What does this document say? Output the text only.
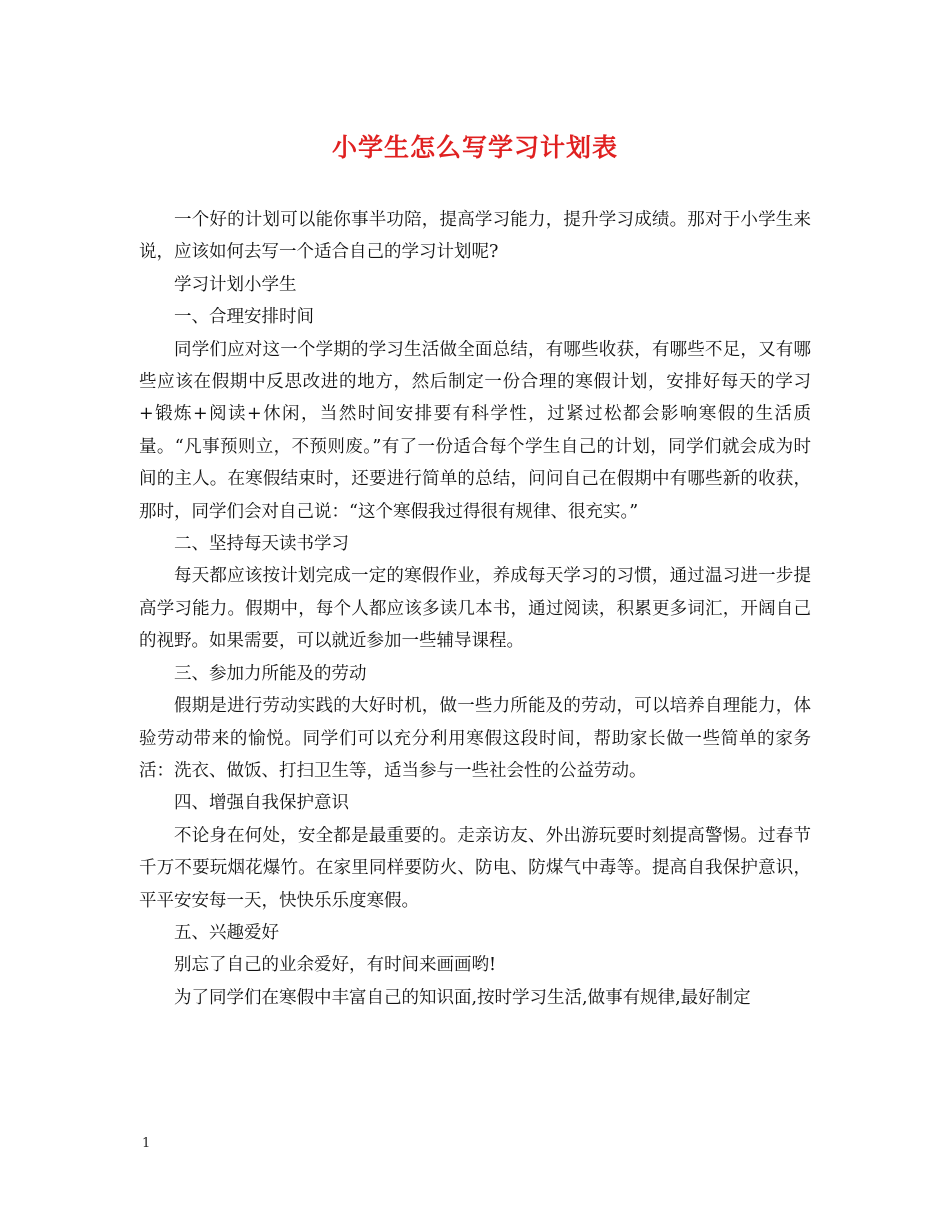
小学生怎么写学习计划表

一个好的计划可以能你事半功陪，提高学习能力，提升学习成绩。那对于小学生来说，应该如何去写一个适合自己的学习计划呢?

学习计划小学生

一、合理安排时间

同学们应对这一个学期的学习生活做全面总结，有哪些收获，有哪些不足，又有哪些应该在假期中反思改进的地方，然后制定一份合理的寒假计划，安排好每天的学习+锻炼+阅读+休闲，当然时间安排要有科学性，过紧过松都会影响寒假的生活质量。“凡事预则立，不预则废。”有了一份适合每个学生自己的计划，同学们就会成为时间的主人。在寒假结束时，还要进行简单的总结，问问自己在假期中有哪些新的收获，那时，同学们会对自己说：“这个寒假我过得很有规律、很充实。”

二、坚持每天读书学习

每天都应该按计划完成一定的寒假作业，养成每天学习的习惯，通过温习进一步提高学习能力。假期中，每个人都应该多读几本书，通过阅读，积累更多词汇，开阔自己的视野。如果需要，可以就近参加一些辅导课程。

三、参加力所能及的劳动

假期是进行劳动实践的大好时机，做一些力所能及的劳动，可以培养自理能力，体验劳动带来的愉悦。同学们可以充分利用寒假这段时间，帮助家长做一些简单的家务活：洗衣、做饭、打扫卫生等，适当参与一些社会性的公益劳动。

四、增强自我保护意识

不论身在何处，安全都是最重要的。走亲访友、外出游玩要时刻提高警惕。过春节千万不要玩烟花爆竹。在家里同样要防火、防电、防煤气中毒等。提高自我保护意识，平平安安每一天，快快乐乐度寒假。

五、兴趣爱好

别忘了自己的业余爱好，有时间来画画哟!

为了同学们在寒假中丰富自己的知识面,按时学习生活,做事有规律,最好制定

1
